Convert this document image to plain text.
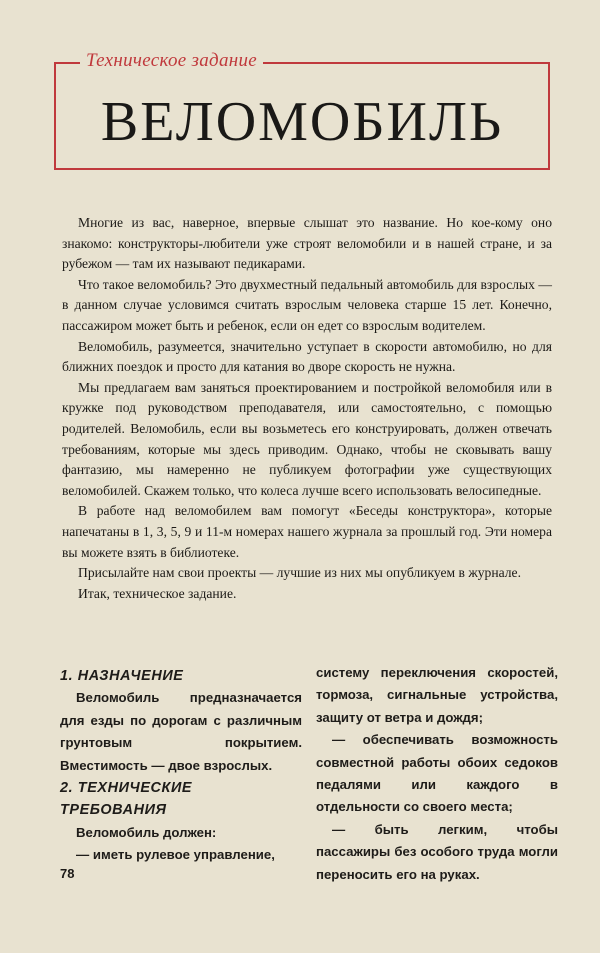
Техническое задание
ВЕЛОМОБИЛЬ

Многие из вас, наверное, впервые слышат это название. Но кое-кому оно знакомо: конструкторы-любители уже строят веломобили и в нашей стране, и за рубежом — там их называют педикарами.

Что такое веломобиль? Это двухместный педальный автомобиль для взрослых — в данном случае условимся считать взрослым человека старше 15 лет. Конечно, пассажиром может быть и ребенок, если он едет со взрослым водителем.

Веломобиль, разумеется, значительно уступает в скорости автомобилю, но для ближних поездок и просто для катания во дворе скорость не нужна.

Мы предлагаем вам заняться проектированием и постройкой веломобиля или в кружке под руководством преподавателя, или самостоятельно, с помощью родителей. Веломобиль, если вы возьметесь его конструировать, должен отвечать требованиям, которые мы здесь приводим. Однако, чтобы не сковывать вашу фантазию, мы намеренно не публикуем фотографии уже существующих веломобилей. Скажем только, что колеса лучше всего использовать велосипедные.

В работе над веломобилем вам помогут «Беседы конструктора», которые напечатаны в 1, 3, 5, 9 и 11-м номерах нашего журнала за прошлый год. Эти номера вы можете взять в библиотеке.

Присылайте нам свои проекты — лучшие из них мы опубликуем в журнале.

Итак, техническое задание.

1. НАЗНАЧЕНИЕ

Веломобиль предназначается для езды по дорогам с различным грунтовым покрытием. Вместимость — двое взрослых.

2. ТЕХНИЧЕСКИЕ ТРЕБОВАНИЯ

Веломобиль должен:

— иметь рулевое управление,

систему переключения скоростей, тормоза, сигнальные устройства, защиту от ветра и дождя;

— обеспечивать возможность совместной работы обоих седоков педалями или каждого в отдельности со своего места;

— быть легким, чтобы пассажиры без особого труда могли переносить его на руках.

78
